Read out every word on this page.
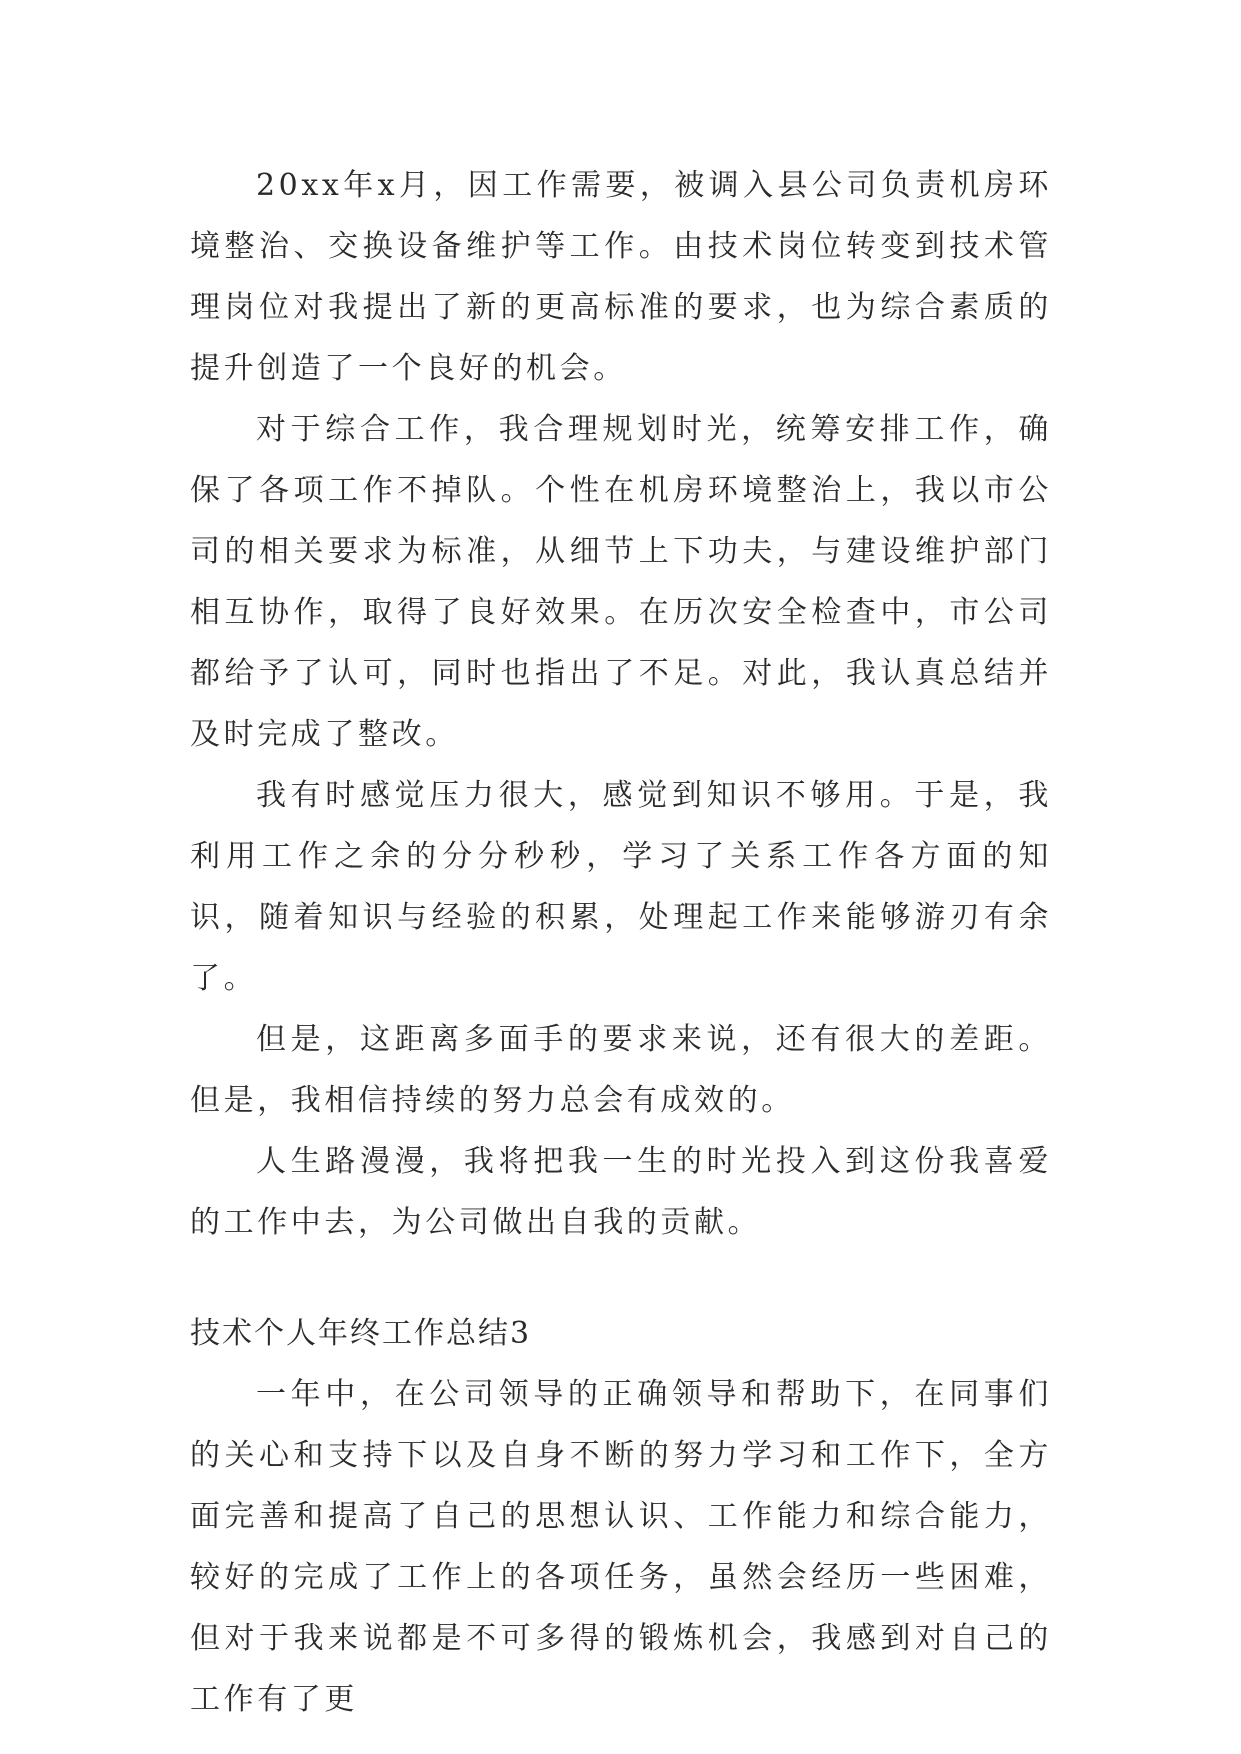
20xx年x月，因工作需要，被调入县公司负责机房环境整治、交换设备维护等工作。由技术岗位转变到技术管理岗位对我提出了新的更高标准的要求，也为综合素质的提升创造了一个良好的机会。

对于综合工作，我合理规划时光，统筹安排工作，确保了各项工作不掉队。个性在机房环境整治上，我以市公司的相关要求为标准，从细节上下功夫，与建设维护部门相互协作，取得了良好效果。在历次安全检查中，市公司都给予了认可，同时也指出了不足。对此，我认真总结并及时完成了整改。

我有时感觉压力很大，感觉到知识不够用。于是，我利用工作之余的分分秒秒，学习了关系工作各方面的知识，随着知识与经验的积累，处理起工作来能够游刃有余了。

但是，这距离多面手的要求来说，还有很大的差距。但是，我相信持续的努力总会有成效的。

人生路漫漫，我将把我一生的时光投入到这份我喜爱的工作中去，为公司做出自我的贡献。

技术个人年终工作总结3

一年中，在公司领导的正确领导和帮助下，在同事们的关心和支持下以及自身不断的努力学习和工作下，全方面完善和提高了自己的思想认识、工作能力和综合能力，较好的完成了工作上的各项任务，虽然会经历一些困难，但对于我来说都是不可多得的锻炼机会，我感到对自己的工作有了更
